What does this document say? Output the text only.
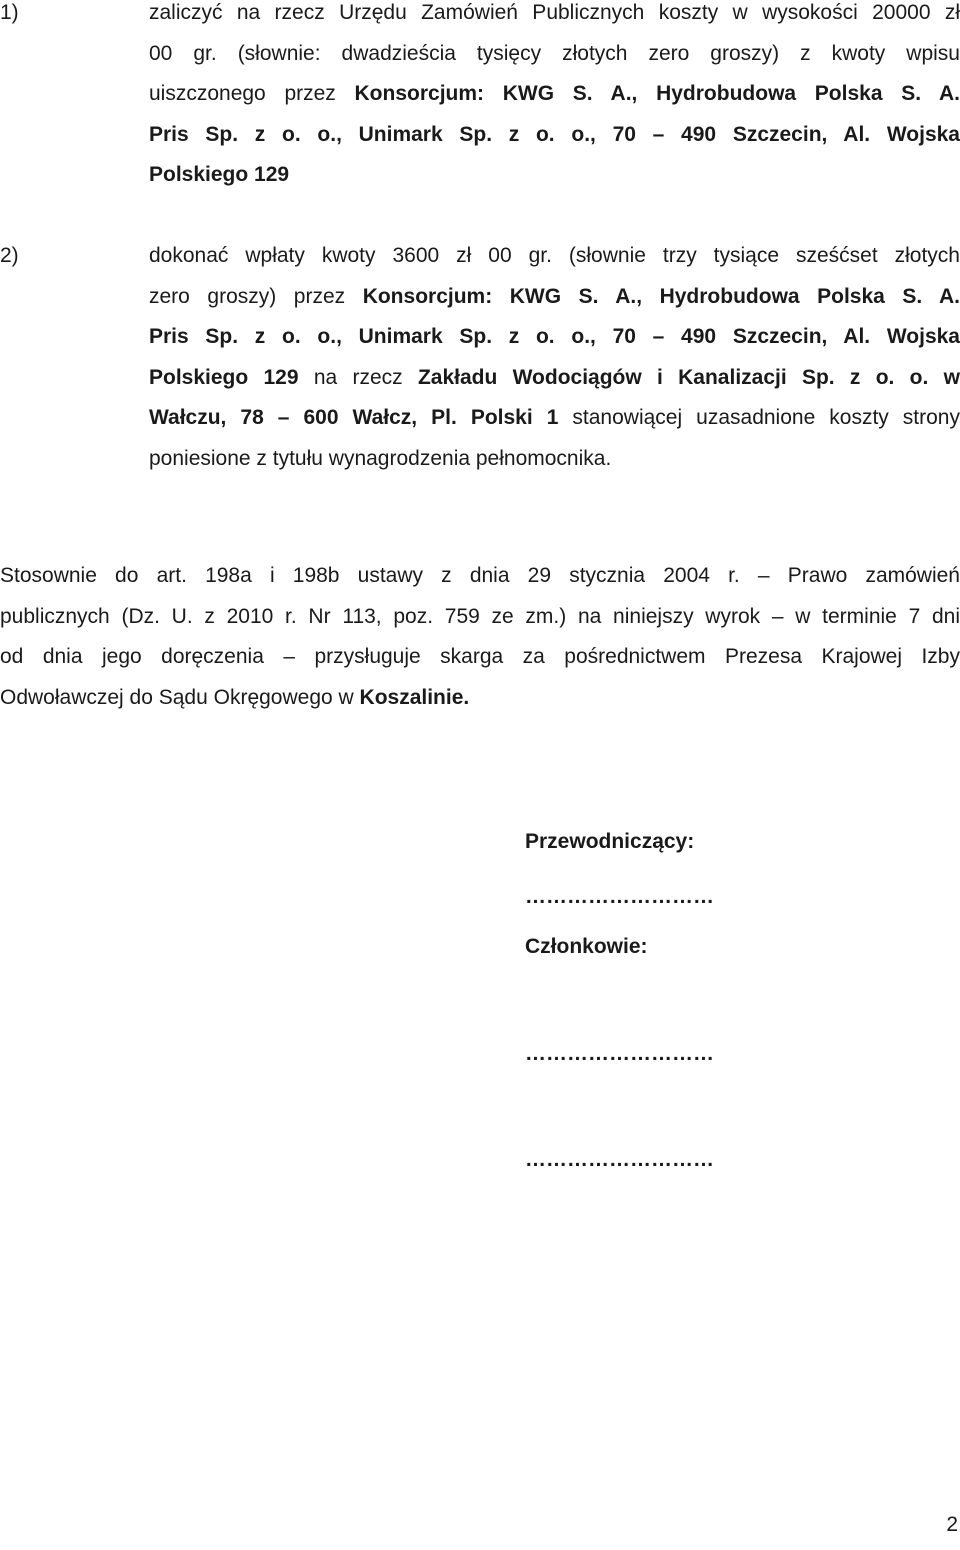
1)	zaliczyć na rzecz Urzędu Zamówień Publicznych koszty w wysokości 20000 zł
00 gr. (słownie: dwadzieścia tysięcy złotych zero groszy) z kwoty wpisu
uiszczonego przez Konsorcjum: KWG S. A., Hydrobudowa Polska S. A.
Pris Sp. z o. o., Unimark Sp. z o. o., 70 – 490 Szczecin, Al. Wojska
Polskiego 129
2)	dokonać wpłaty kwoty 3600 zł 00 gr. (słownie trzy tysiące sześćset złotych
zero groszy) przez Konsorcjum: KWG S. A., Hydrobudowa Polska S. A.
Pris Sp. z o. o., Unimark Sp. z o. o., 70 – 490 Szczecin, Al. Wojska
Polskiego 129 na rzecz Zakładu Wodociągów i Kanalizacji Sp. z o. o. w
Wałczu, 78 – 600 Wałcz, Pl. Polski 1 stanowiącej uzasadnione koszty strony
poniesione z tytułu wynagrodzenia pełnomocnika.
Stosownie do art. 198a i 198b ustawy z dnia 29 stycznia 2004 r. – Prawo zamówień
publicznych (Dz. U. z 2010 r. Nr 113, poz. 759 ze zm.) na niniejszy wyrok – w terminie 7 dni
od dnia jego doręczenia – przysługuje skarga za pośrednictwem Prezesa Krajowej Izby
Odwoławczej do Sądu Okręgowego w Koszalinie.
Przewodniczący:
………………………
Członkowie:
………………………
………………………
2
